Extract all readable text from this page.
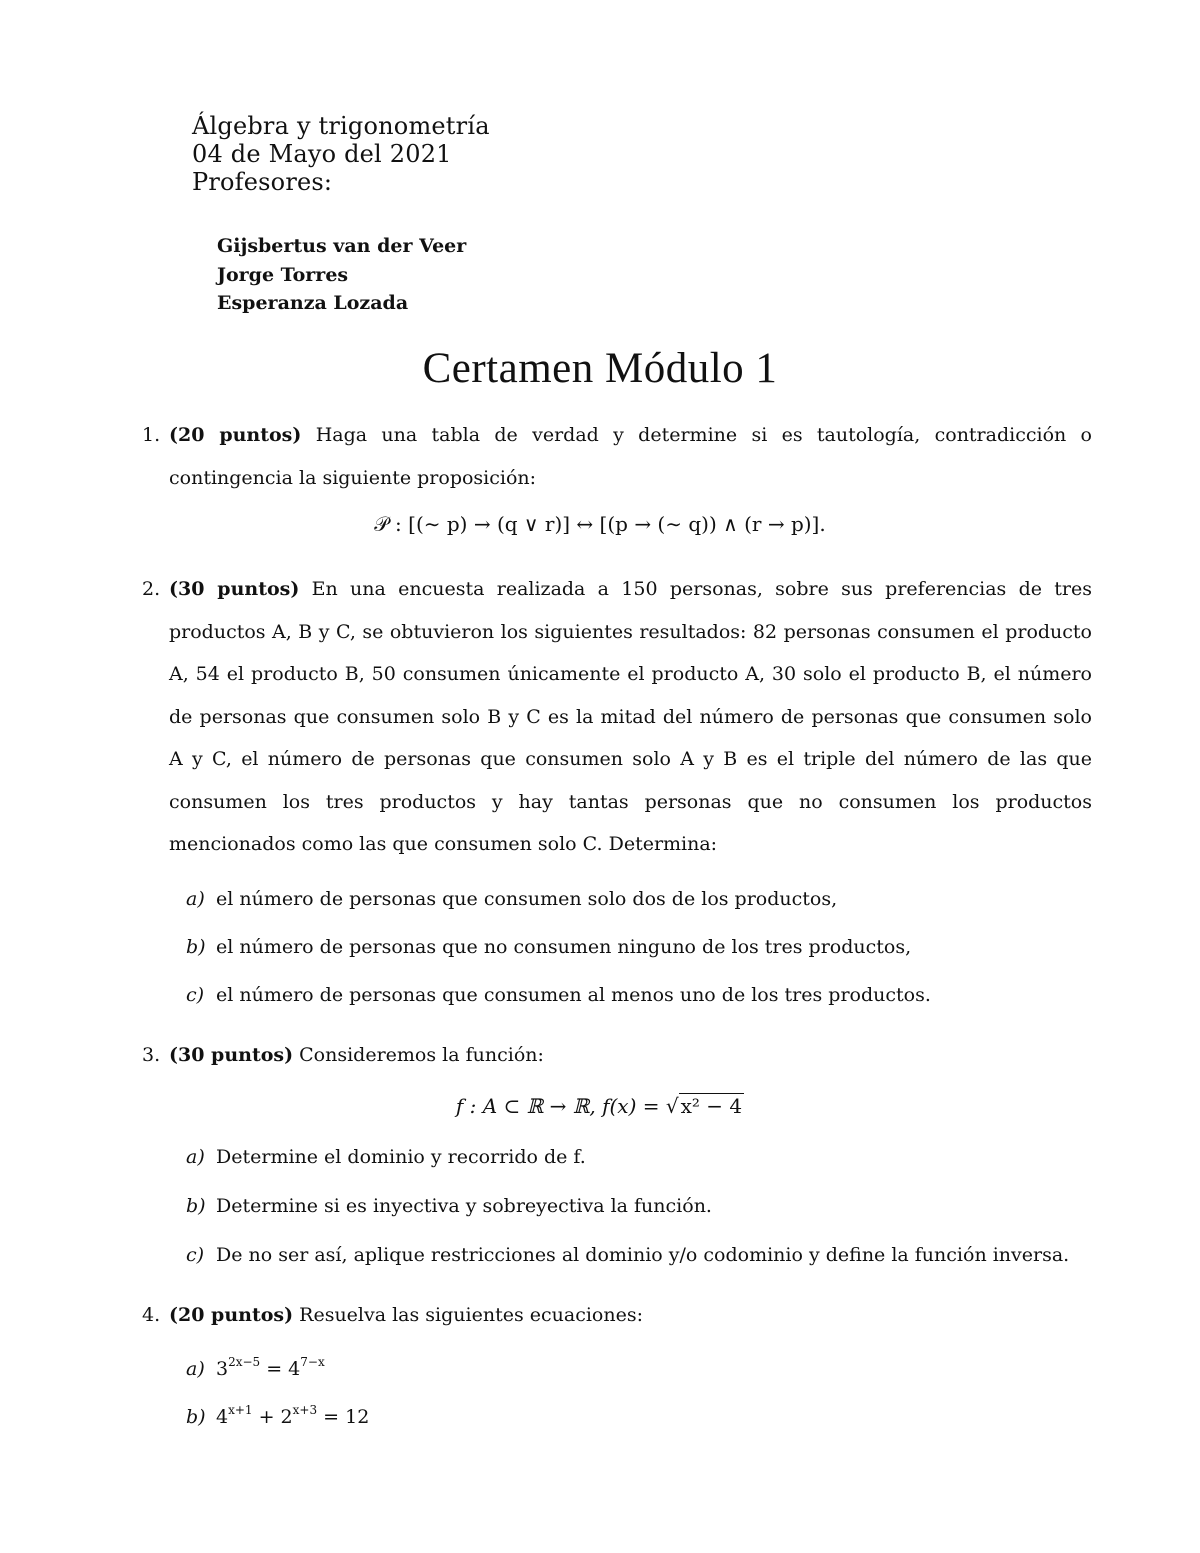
Álgebra y trigonometría
04 de Mayo del 2021
Profesores:
Gijsbertus van der Veer
Jorge Torres
Esperanza Lozada
Certamen Módulo 1
1. (20 puntos) Haga una tabla de verdad y determine si es tautología, contradicción o contingencia la siguiente proposición:
𝒫 : [(∼ p) → (q ∨ r)] ↔ [(p → (∼ q)) ∧ (r → p)].
2. (30 puntos) En una encuesta realizada a 150 personas, sobre sus preferencias de tres productos A, B y C, se obtuvieron los siguientes resultados: 82 personas consumen el producto A, 54 el producto B, 50 consumen únicamente el producto A, 30 solo el producto B, el número de personas que consumen solo B y C es la mitad del número de personas que consumen solo A y C, el número de personas que consumen solo A y B es el triple del número de las que consumen los tres productos y hay tantas personas que no consumen los productos mencionados como las que consumen solo C. Determina:
a) el número de personas que consumen solo dos de los productos,
b) el número de personas que no consumen ninguno de los tres productos,
c) el número de personas que consumen al menos uno de los tres productos.
3. (30 puntos) Consideremos la función:
f : A ⊂ ℝ → ℝ, f(x) = √ x² − 4
a) Determine el dominio y recorrido de f.
b) Determine si es inyectiva y sobreyectiva la función.
c) De no ser así, aplique restricciones al dominio y/o codominio y define la función inversa.
4. (20 puntos) Resuelva las siguientes ecuaciones:
a) $3^{2x-5} = 4^{7-x}$
b) $4^{x+1} + 2^{x+3} = 12$
